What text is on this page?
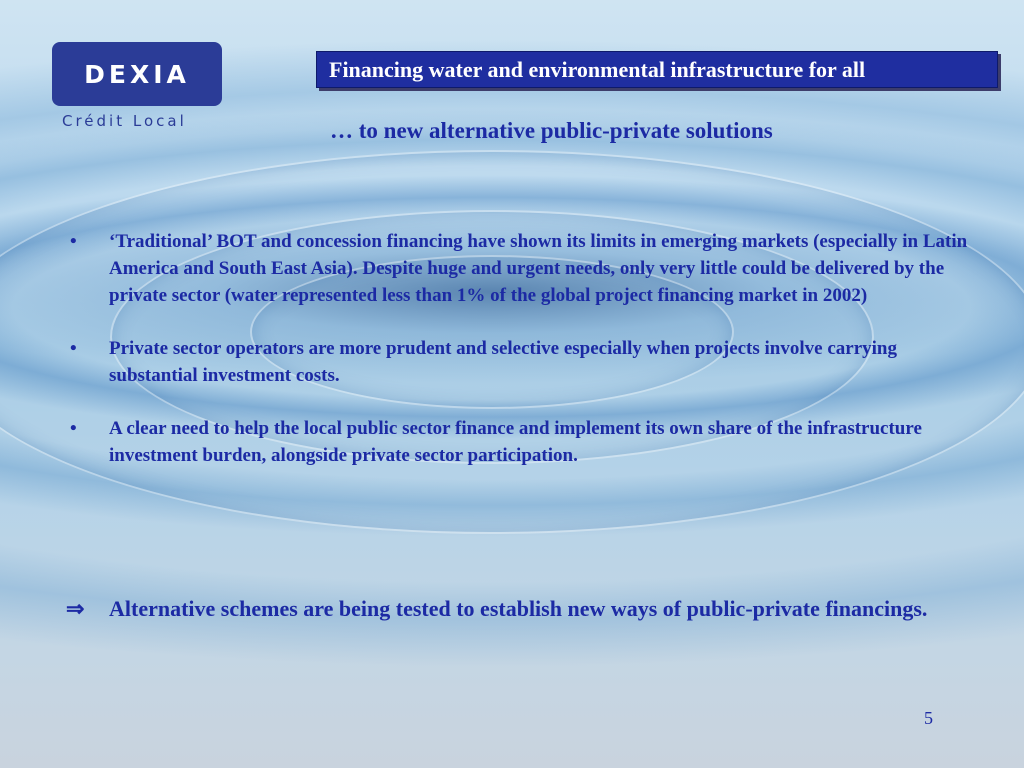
DEXIA
Crédit Local
Financing water and environmental infrastructure for all
… to new alternative public-private solutions
• ‘Traditional’ BOT and concession financing have shown its limits in emerging markets (especially in Latin America and South East Asia). Despite huge and urgent needs, only very little could be delivered by the private sector (water represented less than 1% of the global project financing market in 2002)
• Private sector operators are more prudent and selective especially when projects involve carrying substantial investment costs.
• A clear need to help the local public sector finance and implement its own share of the infrastructure investment burden, alongside private sector participation.
⇒ Alternative schemes are being tested to establish new ways of public-private financings.
5
